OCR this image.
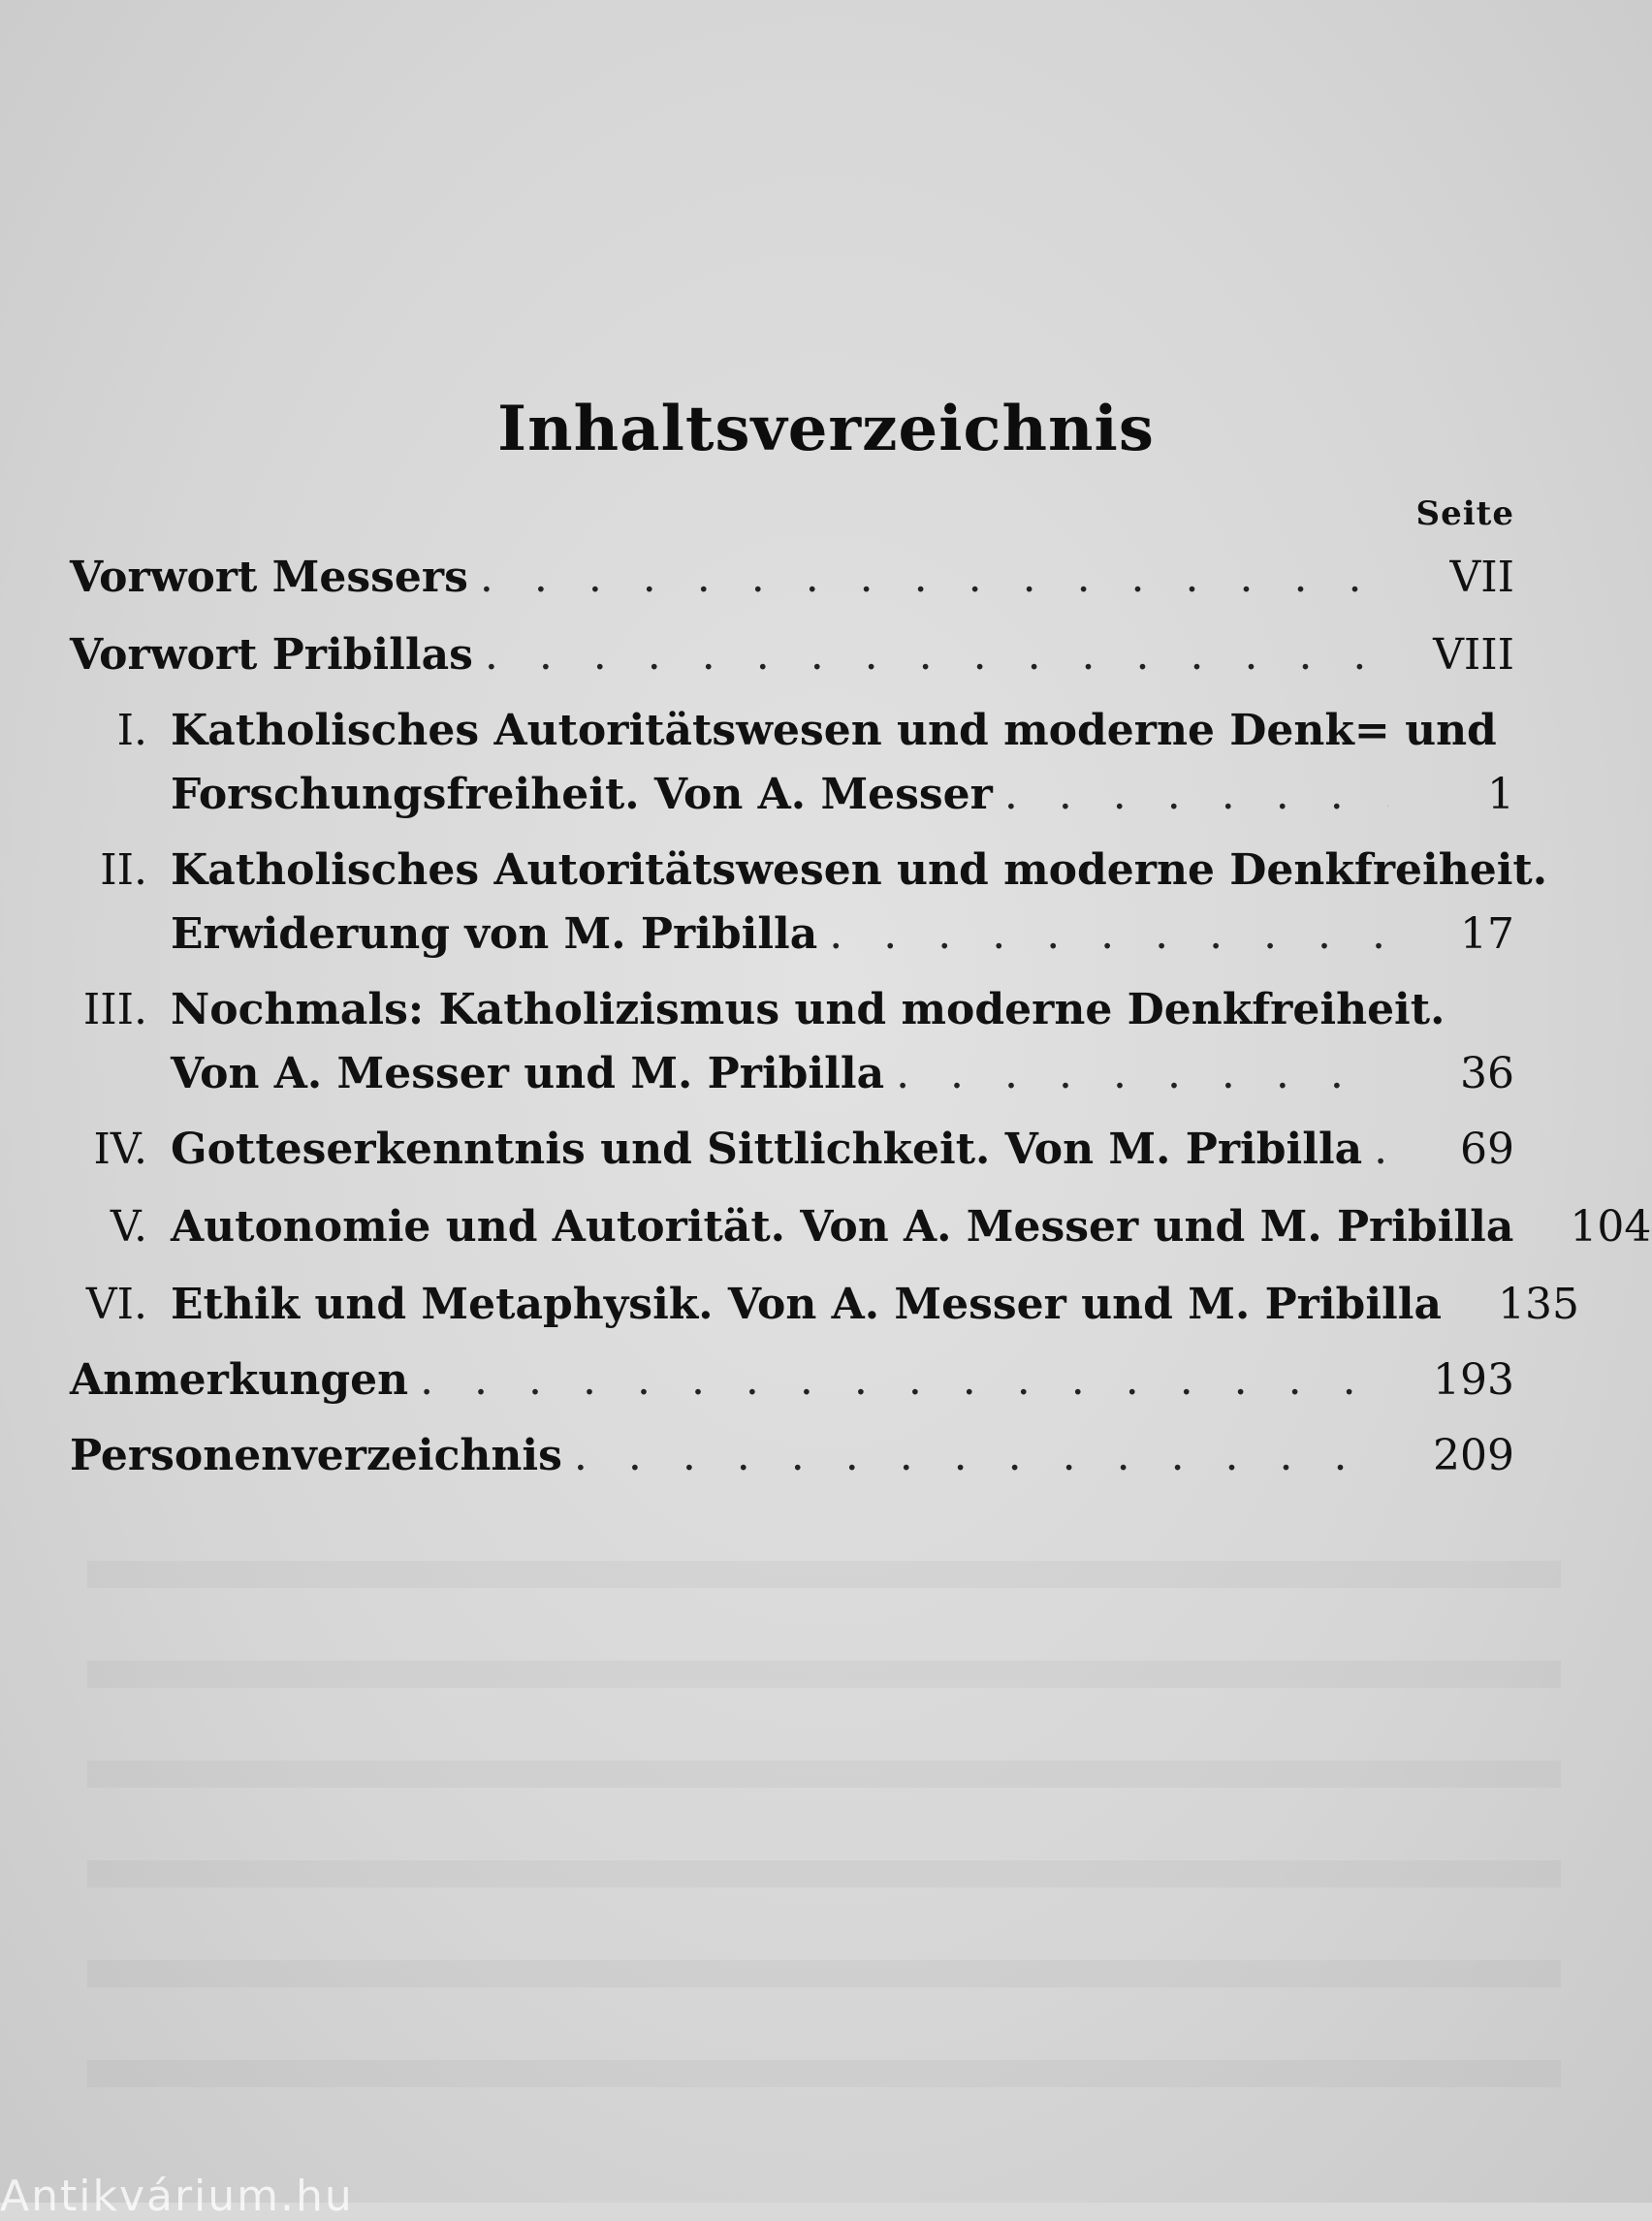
Inhaltsverzeichnis
Seite
Vorwort Messers . . .	VII
Vorwort Pribillas . . .	VIII
I. Katholisches Autoritätswesen und moderne Denk= und
Forschungsfreiheit. Von A. Messer . . .	1
II. Katholisches Autoritätswesen und moderne Denkfreiheit.
Erwiderung von M. Pribilla . . .	17
III. Nochmals: Katholizismus und moderne Denkfreiheit.
Von A. Messer und M. Pribilla . . .	36
IV. Gotteserkenntnis und Sittlichkeit. Von M. Pribilla . . .	69
V. Autonomie und Autorität. Von A. Messer und M. Pribilla . . .	104
VI. Ethik und Metaphysik. Von A. Messer und M. Pribilla . . .	135
Anmerkungen . . .	193
Personenverzeichnis . . .	209
Antikvárium.hu
